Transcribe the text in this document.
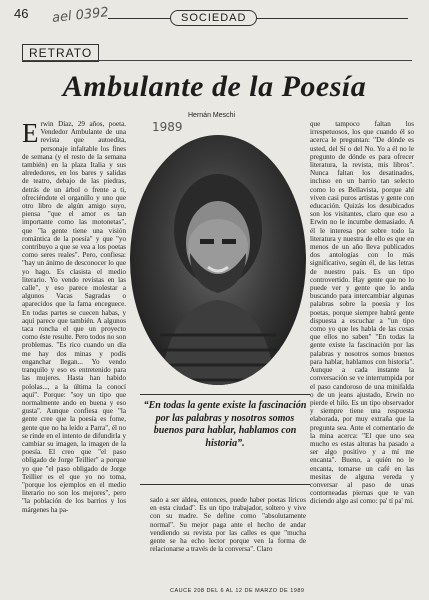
46 ael 0392	SOCIEDAD
RETRATO
Ambulante de la Poesía
Hernán Meschi
1989
E rwin Díaz, 29 años, poeta. Vendedor Ambulante de una revista que autoedita, personaje infaltable los fines de semana (y el resto de la semana también) en la plaza Italia y sus alrededores, en los bares y salidas de teatro, debajo de las piedras, detrás de un árbol o frente a ti, ofreciéndote el organillo y uno que otro libro de algún amigo suyo, piensa "que el amor es tan importante como las motonetas", que "la gente tiene una visión romántica de la poesía" y que "yo contribuyo a que se vea a los poetas como seres reales". Pero, confiesa: "hay un ánimo de desconocer lo que yo hago. Es clasista el medio literario. Yo vendo revistas en las calle", y eso parece molestar a algunos Vacas Sagradas o aparecidos que la fama enceguece. En todas partes se cuecen habas, y aquí parece que también. A algunos taca roncha el que un proyecto como éste resulte. Pero todos no son problemas. "Es rico cuando un día me hay dos minas y podís enganchar llegan... Yo vendo tranquilo y eso es entretenido para las mujeres. Hasta han habido pololas..., a la última la conocí aquí". Porque: "soy un tipo que normalmente ando en buena y eso gusta". Aunque confiesa que "la gente cree que la poesía es fome, gente que no ha leído a Parra", él no se rinde en el intento de difundirla y cambiar su imagen, la imagen de la poesía. El creo que "el paso obligado de Jorge Teillier" a porque yo que "el paso obligado de Jorge Teillier es el que yo no toma, "porque los ejemplos en el medio literario no son los mejores", pero "la población de los barrios y los márgenes ha pa-
“En todas la gente existe la fascinación por las palabras y nosotros somos buenos para hablar, hablamos con historia”.
sado a ser aldea, entonces, puede haber poetas líricos en esta ciudad". Es un tipo trabajador, soltero y vive con su madre. Se define como "absolutamente normal". Su mejor paga ante el hecho de andar vendiendo su revista por las calles es que "mucha gente se ha echo lector porque ven la forma de relacionarse a través de la conversa". Claro
que tampoco faltan los irrespetuosos, los que cuando él so acerca le preguntan: "De dónde es usted, del Sí o del No. Yo a él no le pregunto de dónde es para ofrecer literatura, la revista, mis libros". Nunca faltan los desatinados, incluso en un barrio tan selecto como lo es Bellavista, porque ahí viven casi puros artistas y gente con educación. Quizás los desubicados son los visitantes, claro que eso a Erwin no le incumbe demasiado. A él le interesa por sobre todo la literatura y nuestra de ello es que en menos de un año lleva publicados dos antologías con lo más significativo, según él, de las letras de nuestro país. Es un tipo controvertido. Hay gente que no lo puede ver y gente que lo anda buscando para intercambiar algunas palabras sobre la poesía y los poetas, porque siempre habrá gente dispuesta a escuchar a "un tipo como yo que les habla de las cosas que ellos no saben" "En todas la gente existe la fascinación por las palabras y nosotros somos buenos para hablar, hablamos con historia". Aunque a cada instante la conversación se ve interrumpida por el paso candoroso de una minifalda o de un jeans ajustado, Erwin no pierde el hilo. Es un tipo observador y siempre tiene una respuesta elaborada, por muy extraña que la pregunta sea. Ante el comentario de la mina acerca: "El que uno sea mucho es estas alturas ha pasado a ser algo positivo y a mí me encanta". Bueno, a quién no le encanta, tomarse un café en las mesitas de alguna vereda y conversar al paso de unas contorneadas piernas que te van diciendo algo así como: pa' tí pa' mí.
CAUCE 208 DEL 6 AL 12 DE MARZO DE 1989
